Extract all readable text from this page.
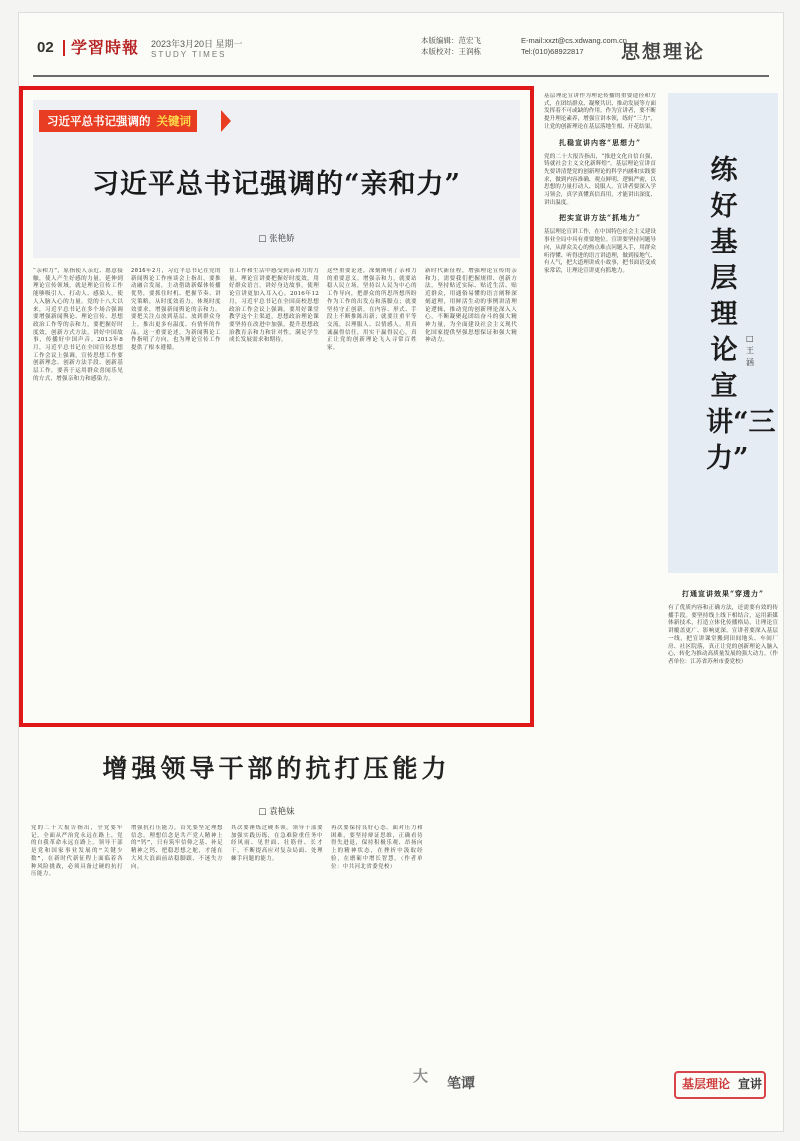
02 学習時報 2023年3月20日 星期一
STUDY TIMES
本版编辑：范宏飞
本版校对：王润栋
E-mail:xxzt@cs.xdwang.com.cn
Tel:(010)68922817	思想理论
习近平总书记强调的 关键词
习近平总书记强调的“亲和力”
□ 张艳娇

“亲和力”，原指使人亲近、愿意接触，使人产生好感的力量。延伸到理论宣传领域，就是理论宣传工作能够吸引人、打动人、感染人，使人入脑入心的力量。党的十八大以来，习近平总书记在多个场合强调要增强新闻舆论、理论宣传、思想政治工作等的亲和力，要把握好时度效，创新方式方法，讲好中国故事，传播好中国声音。2013年8月，习近平总书记在全国宣传思想工作会议上强调，宣传思想工作要创新理念、创新方法手段、创新基层工作，要善于运用群众喜闻乐见的方式，增强亲和力和感染力。

2016年2月，习近平总书记在党的新闻舆论工作座谈会上指出，要推动融合发展，主动借助新媒体传播优势，要抓住时机、把握节奏、讲究策略，从时度效着力，体现时度效要求，增强新闻舆论的亲和力。要把关注点放到基层、放到群众身上，推出更多有温度、有情怀的作品。这一重要论述，为新闻舆论工作指明了方向，也为理论宣传工作提供了根本遵循。

在工作和生活中感受到亲和力的力量，理论宣讲要把握好时度效，用好群众语言，讲好身边故事，使理论宣讲更加入耳入心。2016年12月，习近平总书记在全国高校思想政治工作会议上强调，要用好课堂教学这个主渠道，思想政治理论课要坚持在改进中加强，提升思想政治教育亲和力和针对性，满足学生成长发展需求和期待。

这些重要论述，深刻阐明了亲和力的重要意义。增强亲和力，就要站稳人民立场，坚持以人民为中心的工作导向，把群众的所思所想所盼作为工作的出发点和落脚点；就要坚持守正创新，在内容、形式、手段上不断推陈出新；就要注重平等交流，以理服人、以情感人，用真诚赢得信任，用实干赢得民心，真正让党的创新理论飞入寻常百姓家。

新时代新征程，增强理论宣传的亲和力，需要我们把握规律、创新方法，坚持贴近实际、贴近生活、贴近群众，用通俗易懂的语言阐释深刻道理，用鲜活生动的事例讲清理论逻辑，推动党的创新理论深入人心，不断凝聚起团结奋斗的强大精神力量，为全面建设社会主义现代化国家提供坚强思想保证和强大精神动力。

基层理论宣讲作为理论传播的重要途径和方式，在团结群众、凝聚共识、推动发展等方面发挥着不可或缺的作用。作为宣讲者，要不断提升理论素养，增强宣讲本领，练好“三力”，让党的创新理论在基层落地生根、开花结果。

扎稳宣讲内容“思想力”

党的二十大报告指出，“推进文化自信自强，铸就社会主义文化新辉煌”。基层理论宣讲首先要讲清楚党的创新理论的科学内涵和实践要求，做到内容准确、观点鲜明、逻辑严密，以思想的力量打动人、说服人。宣讲者要深入学习领会，真学真懂真信真用，才能讲出深度、讲出温度。

把实宣讲方法“抓地力”

基层理论宣讲工作，在中国特色社会主义建设事业全局中具有重要地位。宣讲要坚持问题导向，从群众关心的热点难点问题入手，用群众听得懂、听得进的语言讲道理，做到接地气、有人气，把大道理讲成小故事，把书面语变成家常话，让理论宣讲更有抓地力。

练好基层理论宣讲“三力”
□ 王 涵
打通宣讲效果“穿透力”

有了优质内容和正确方法，还需要有效的传播手段。要坚持线上线下相结合，运用新媒体新技术，打造立体化传播格局，让理论宣讲覆盖更广、影响更深。宣讲者要深入基层一线，把宣讲课堂搬到田间地头、车间厂房、社区院落，真正让党的创新理论入脑入心，转化为推动高质量发展的强大动力。（作者单位：江苏省苏州市委党校）

增强领导干部的抗打压能力
□ 袁艳妹

党的二十大报告指出，全党要牢记，全面从严治党永远在路上，党的自我革命永远在路上。领导干部是党和国家事业发展的“关键少数”，在新时代新征程上面临着各种风险挑战，必须具备过硬的抗打压能力。

增强抗打压能力，首先要坚定理想信念。理想信念是共产党人精神上的“钙”，只有筑牢信仰之基、补足精神之钙、把稳思想之舵，才能在大风大浪面前站稳脚跟、不迷失方向。

其次要锤炼过硬本领。领导干部要加强实践历练，在急难险重任务中经风雨、见世面、壮筋骨、长才干，不断提高应对复杂局面、处理棘手问题的能力。

再次要保持良好心态。面对压力和困难，要坚持辩证思维，正确看待得失进退，保持积极乐观、昂扬向上的精神状态，在挫折中汲取经验，在磨砺中增长智慧。（作者单位：中共河北省委党校）

大 笔谭	基层理论 宣讲
